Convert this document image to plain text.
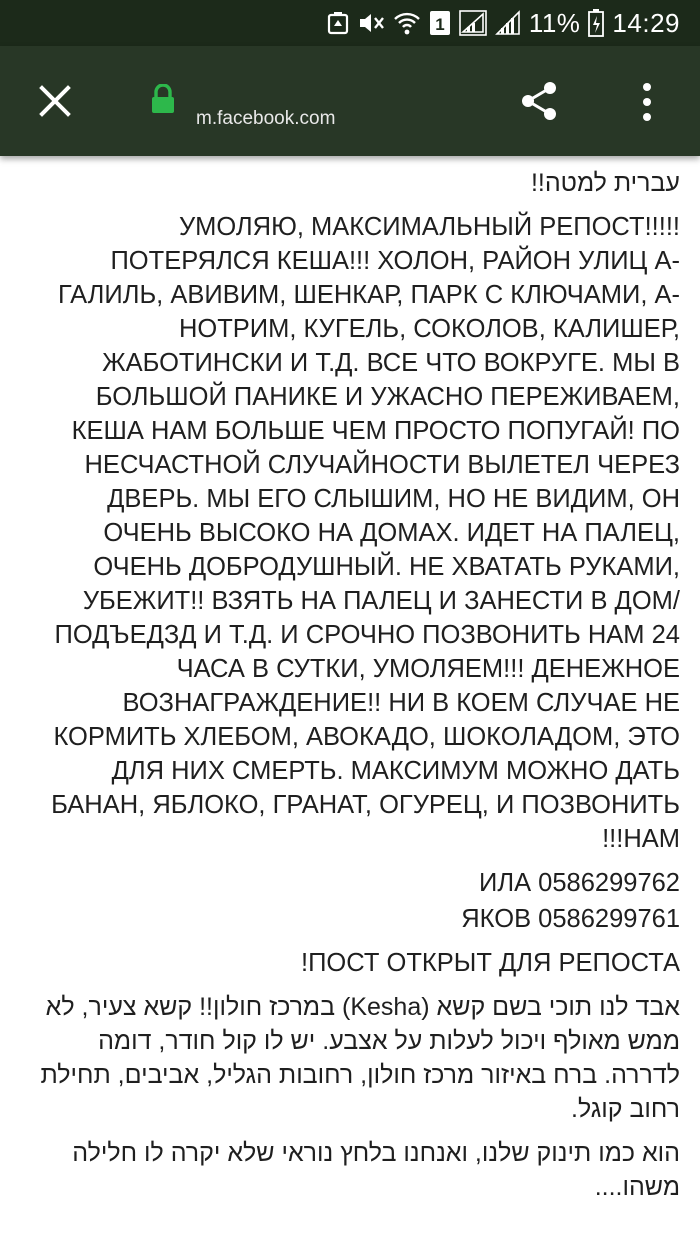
1	11% 14:29
m.facebook.com

עברית למטה!!

УМОЛЯЮ, МАКСИМАЛЬНЫЙ РЕПОСТ!!!!! ПОТЕРЯЛСЯ КЕША!!! ХОЛОН, РАЙОН УЛИЦ А-ГАЛИЛЬ, АВИВИМ, ШЕНКАР, ПАРК С КЛЮЧАМИ, А-НОТРИМ, КУГЕЛЬ, СОКОЛОВ, КАЛИШЕР, ЖАБОТИНСКИ И Т.Д. ВСЕ ЧТО ВОКРУГЕ. МЫ В БОЛЬШОЙ ПАНИКЕ И УЖАСНО ПЕРЕЖИВАЕМ, КЕША НАМ БОЛЬШЕ ЧЕМ ПРОСТО ПОПУГАЙ! ПО НЕСЧАСТНОЙ СЛУЧАЙНОСТИ ВЫЛЕТЕЛ ЧЕРЕЗ ДВЕРЬ. МЫ ЕГО СЛЫШИМ, НО НЕ ВИДИМ, ОН ОЧЕНЬ ВЫСОКО НА ДОМАХ. ИДЕТ НА ПАЛЕЦ, ОЧЕНЬ ДОБРОДУШНЫЙ. НЕ ХВАТАТЬ РУКАМИ, УБЕЖИТ!! ВЗЯТЬ НА ПАЛЕЦ И ЗАНЕСТИ В ДОМ/ПОДЪЕДЗД И Т.Д. И СРОЧНО ПОЗВОНИТЬ НАМ 24 ЧАСА В СУТКИ, УМОЛЯЕМ!!! ДЕНЕЖНОЕ ВОЗНАГРАЖДЕНИЕ!! НИ В КОЕМ СЛУЧАЕ НЕ КОРМИТЬ ХЛЕБОМ, АВОКАДО, ШОКОЛАДОМ, ЭТО ДЛЯ НИХ СМЕРТЬ. МАКСИМУМ МОЖНО ДАТЬ БАНАН, ЯБЛОКО, ГРАНАТ, ОГУРЕЦ, И ПОЗВОНИТЬ НАМ!!!

ИЛА 0586299762

ЯКОВ 0586299761

ПОСТ ОТКРЫТ ДЛЯ РЕПОСТА!

אבד לנו תוכי בשם קשא (Kesha) במרכז חולון!! קשא צעיר, לא ממש מאולף ויכול לעלות על אצבע. יש לו קול חודר, דומה לדררה. ברח באיזור מרכז חולון, רחובות הגליל, אביבים, תחילת רחוב קוגל.

הוא כמו תינוק שלנו, ואנחנו בלחץ נוראי שלא יקרה לו חלילה משהו....
